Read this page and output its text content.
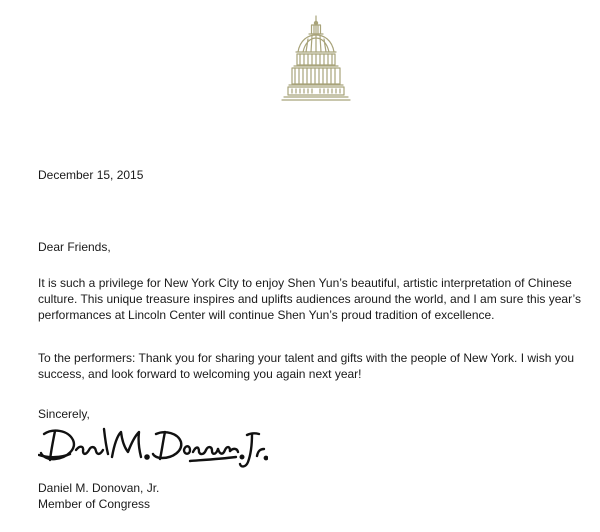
December 15, 2015
Dear Friends,

It is such a privilege for New York City to enjoy Shen Yun’s beautiful, artistic interpretation of Chinese culture. This unique treasure inspires and uplifts audiences around the world, and I am sure this year’s performances at Lincoln Center will continue Shen Yun’s proud tradition of excellence.

To the performers: Thank you for sharing your talent and gifts with the people of New York. I wish you success, and look forward to welcoming you again next year!

Sincerely,
Daniel M. Donovan, Jr.
Member of Congress
